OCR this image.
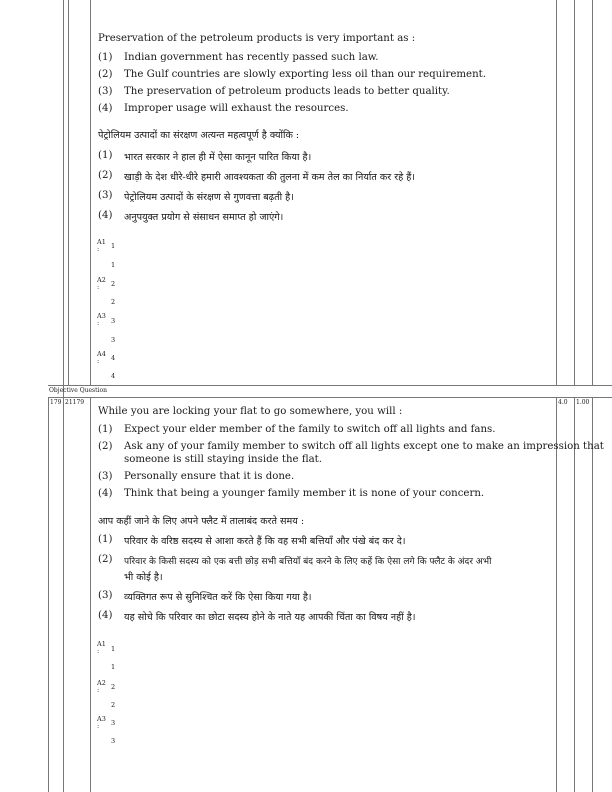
Preservation of the petroleum products is very important as :
(1) Indian government has recently passed such law.
(2) The Gulf countries are slowly exporting less oil than our requirement.
(3) The preservation of petroleum products leads to better quality.
(4) Improper usage will exhaust the resources.
पेट्रोलियम उत्पादों का संरक्षण अत्यन्त महत्वपूर्ण है क्योंकि :
(1) भारत सरकार ने हाल ही में ऐसा कानून पारित किया है।
(2) खाड़ी के देश धीरे-धीरे हमारी आवश्यकता की तुलना में कम तेल का निर्यात कर रहे हैं।
(3) पेट्रोलियम उत्पादों के संरक्षण से गुणवत्ता बढ़ती है।
(4) अनुपयुक्त प्रयोग से संसाधन समाप्त हो जाएंगे।
A1
: 1
1
A2
: 2
2
A3
: 3
3
A4
: 4
4
Objective Question
179 21179	4.0 1.00
While you are locking your flat to go somewhere, you will :
(1) Expect your elder member of the family to switch off all lights and fans.
(2) Ask any of your family member to switch off all lights except one to make an impression that
someone is still staying inside the flat.
(3) Personally ensure that it is done.
(4) Think that being a younger family member it is none of your concern.
आप कहीं जाने के लिए अपने फ्लैट में तालाबंद करते समय :
(1) परिवार के वरिष्ठ सदस्य से आशा करते हैं कि वह सभी बत्तियाँ और पंखे बंद कर दे।
(2) परिवार के किसी सदस्य को एक बत्ती छोड़ सभी बत्तियाँ बंद करने के लिए कहें कि ऐसा लगे कि फ्लैट के अंदर अभी
भी कोई है।
(3) व्यक्तिगत रूप से सुनिश्चित करें कि ऐसा किया गया है।
(4) यह सोचे कि परिवार का छोटा सदस्य होने के नाते यह आपकी चिंता का विषय नहीं है।
A1
: 1
1
A2
: 2
2
A3
: 3
3
